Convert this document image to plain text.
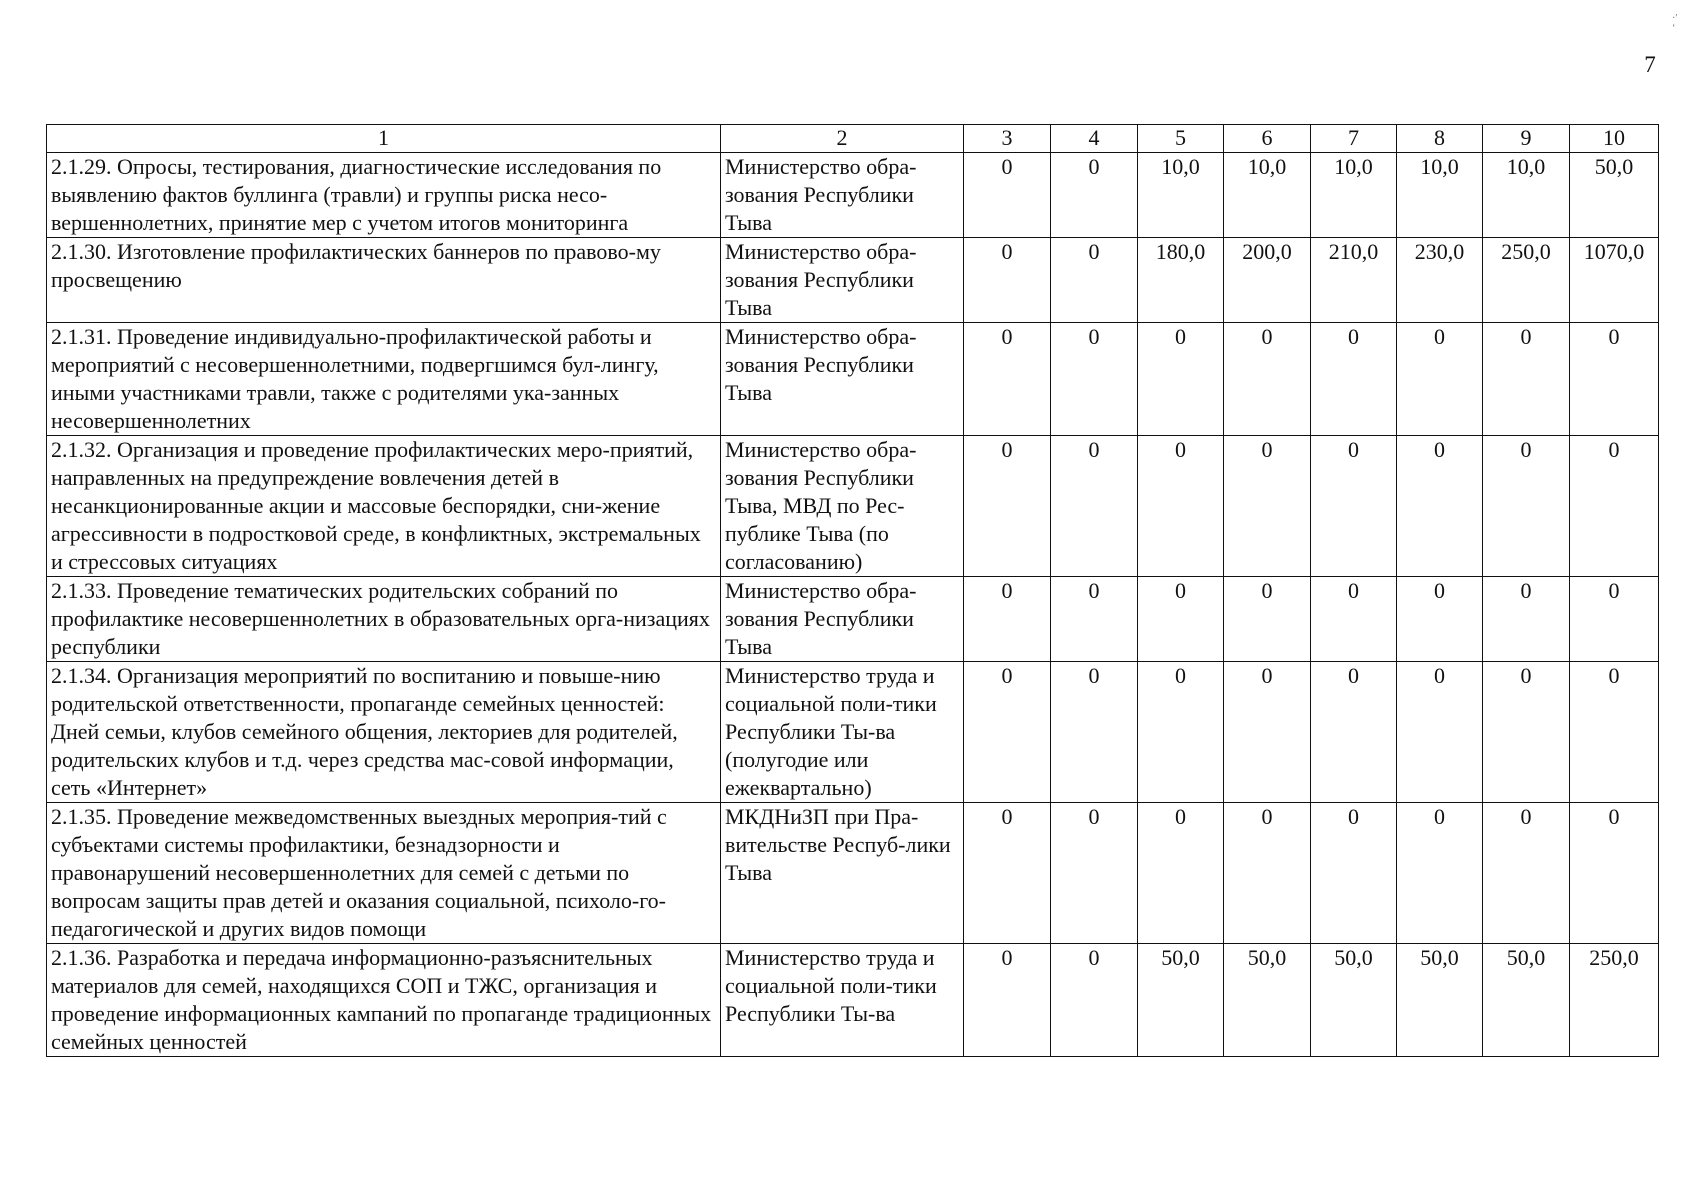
7
·′
‘
1	2	3	4	5	6	7	8	9	10
2.1.29. Опросы, тестирования, диагностические исследования по выявлению фактов буллинга (травли) и группы риска несо-вершеннолетних, принятие мер с учетом итогов мониторинга	Министерство обра-зования Республики Тыва	0	0	10,0	10,0	10,0	10,0	10,0	50,0
2.1.30. Изготовление профилактических баннеров по правово-му просвещению	Министерство обра-зования Республики Тыва	0	0	180,0	200,0	210,0	230,0	250,0	1070,0
2.1.31. Проведение индивидуально-профилактической работы и мероприятий с несовершеннолетними, подвергшимся бул-лингу, иными участниками травли, также с родителями ука-занных несовершеннолетних	Министерство обра-зования Республики Тыва	0	0	0	0	0	0	0	0
2.1.32. Организация и проведение профилактических меро-приятий, направленных на предупреждение вовлечения детей в несанкционированные акции и массовые беспорядки, сни-жение агрессивности в подростковой среде, в конфликтных, экстремальных и стрессовых ситуациях	Министерство обра-зования Республики Тыва, МВД по Рес-публике Тыва (по согласованию)	0	0	0	0	0	0	0	0
2.1.33. Проведение тематических родительских собраний по профилактике несовершеннолетних в образовательных орга-низациях республики	Министерство обра-зования Республики Тыва	0	0	0	0	0	0	0	0
2.1.34. Организация мероприятий по воспитанию и повыше-нию родительской ответственности, пропаганде семейных ценностей: Дней семьи, клубов семейного общения, лекториев для родителей, родительских клубов и т.д. через средства мас-совой информации, сеть «Интернет»	Министерство труда и социальной поли-тики Республики Ты-ва (полугодие или ежеквартально)	0	0	0	0	0	0	0	0
2.1.35. Проведение межведомственных выездных мероприя-тий с субъектами системы профилактики, безнадзорности и правонарушений несовершеннолетних для семей с детьми по вопросам защиты прав детей и оказания социальной, психоло-го-педагогической и других видов помощи	МКДНиЗП при Пра-вительстве Респуб-лики Тыва	0	0	0	0	0	0	0	0
2.1.36. Разработка и передача информационно-разъяснительных материалов для семей, находящихся СОП и ТЖС, организация и проведение информационных кампаний по пропаганде традиционных семейных ценностей	Министерство труда и социальной поли-тики Республики Ты-ва	0	0	50,0	50,0	50,0	50,0	50,0	250,0
